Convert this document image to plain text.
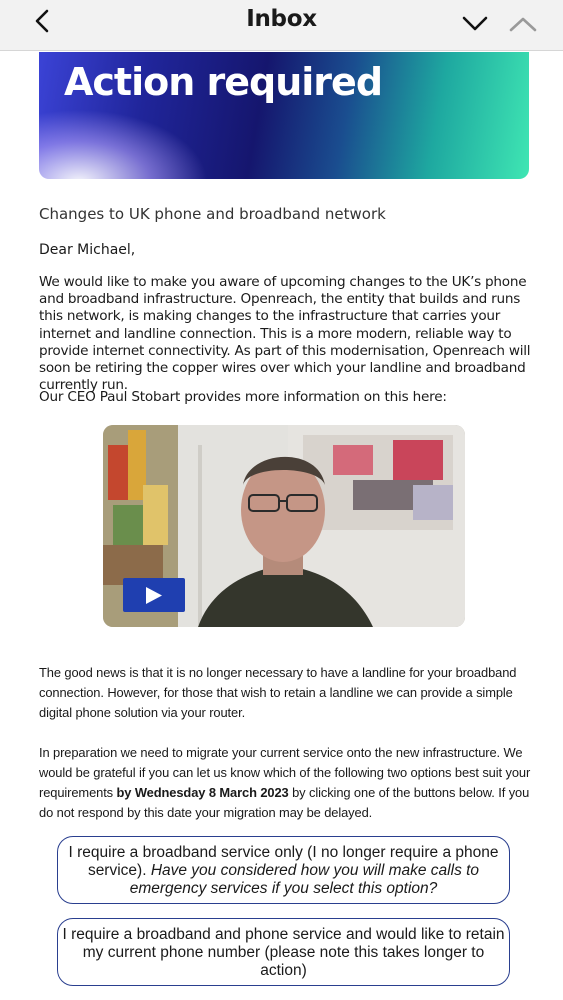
Inbox
Action required
Changes to UK phone and broadband network
Dear Michael,
We would like to make you aware of upcoming changes to the UK’s phone and broadband infrastructure. Openreach, the entity that builds and runs this network, is making changes to the infrastructure that carries your internet and landline connection. This is a more modern, reliable way to provide internet connectivity. As part of this modernisation, Openreach will soon be retiring the copper wires over which your landline and broadband currently run.
Our CEO Paul Stobart provides more information on this here:
The good news is that it is no longer necessary to have a landline for your broadband connection. However, for those that wish to retain a landline we can provide a simple digital phone solution via your router.
In preparation we need to migrate your current service onto the new infrastructure. We would be grateful if you can let us know which of the following two options best suit your requirements by Wednesday 8 March 2023 by clicking one of the buttons below. If you do not respond by this date your migration may be delayed.
I require a broadband service only (I no longer require a phone service). Have you considered how you will make calls to emergency services if you select this option?
I require a broadband and phone service and would like to retain my current phone number (please note this takes longer to action)
